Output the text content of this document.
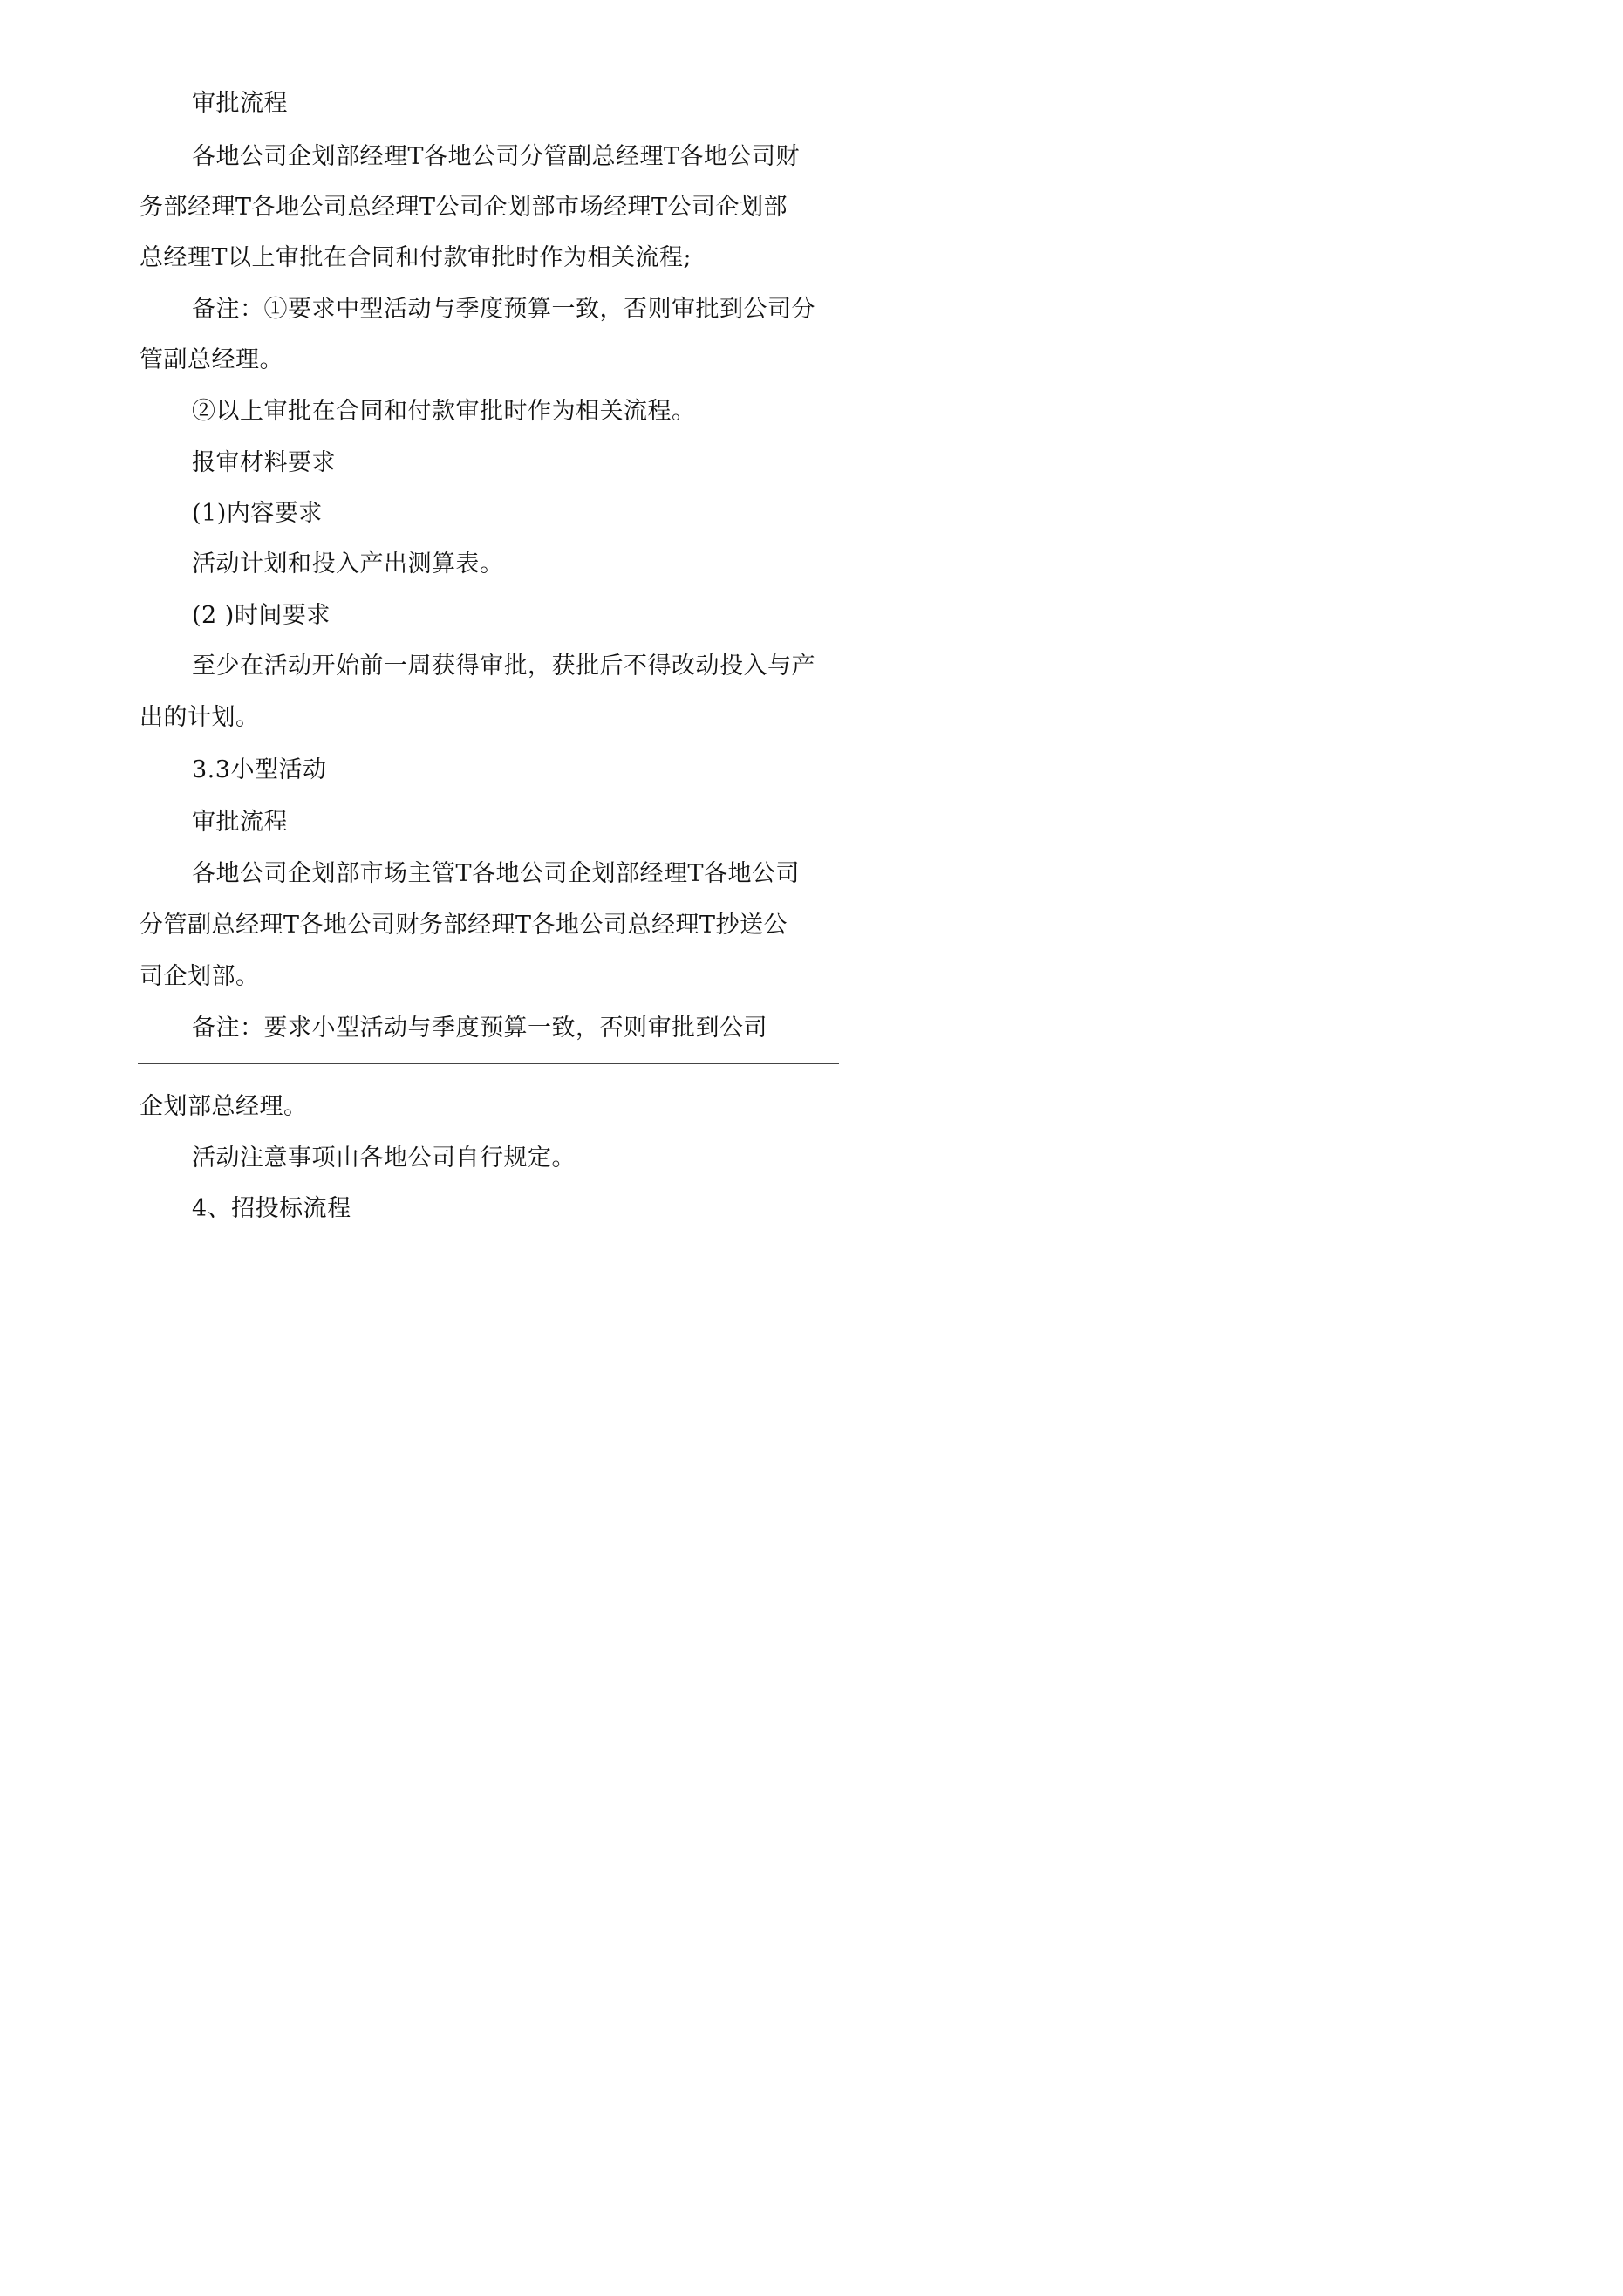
审批流程
各地公司企划部经理T各地公司分管副总经理T各地公司财
务部经理T各地公司总经理T公司企划部市场经理T公司企划部
总经理T以上审批在合同和付款审批时作为相关流程;
备注：①要求中型活动与季度预算一致，否则审批到公司分
管副总经理。
②以上审批在合同和付款审批时作为相关流程。
报审材料要求
(1)内容要求
活动计划和投入产出测算表。
(2 )时间要求
至少在活动开始前一周获得审批，获批后不得改动投入与产
出的计划。
3.3小型活动
审批流程
各地公司企划部市场主管T各地公司企划部经理T各地公司
分管副总经理T各地公司财务部经理T各地公司总经理T抄送公
司企划部。
备注：要求小型活动与季度预算一致，否则审批到公司
企划部总经理。
活动注意事项由各地公司自行规定。
4、招投标流程
